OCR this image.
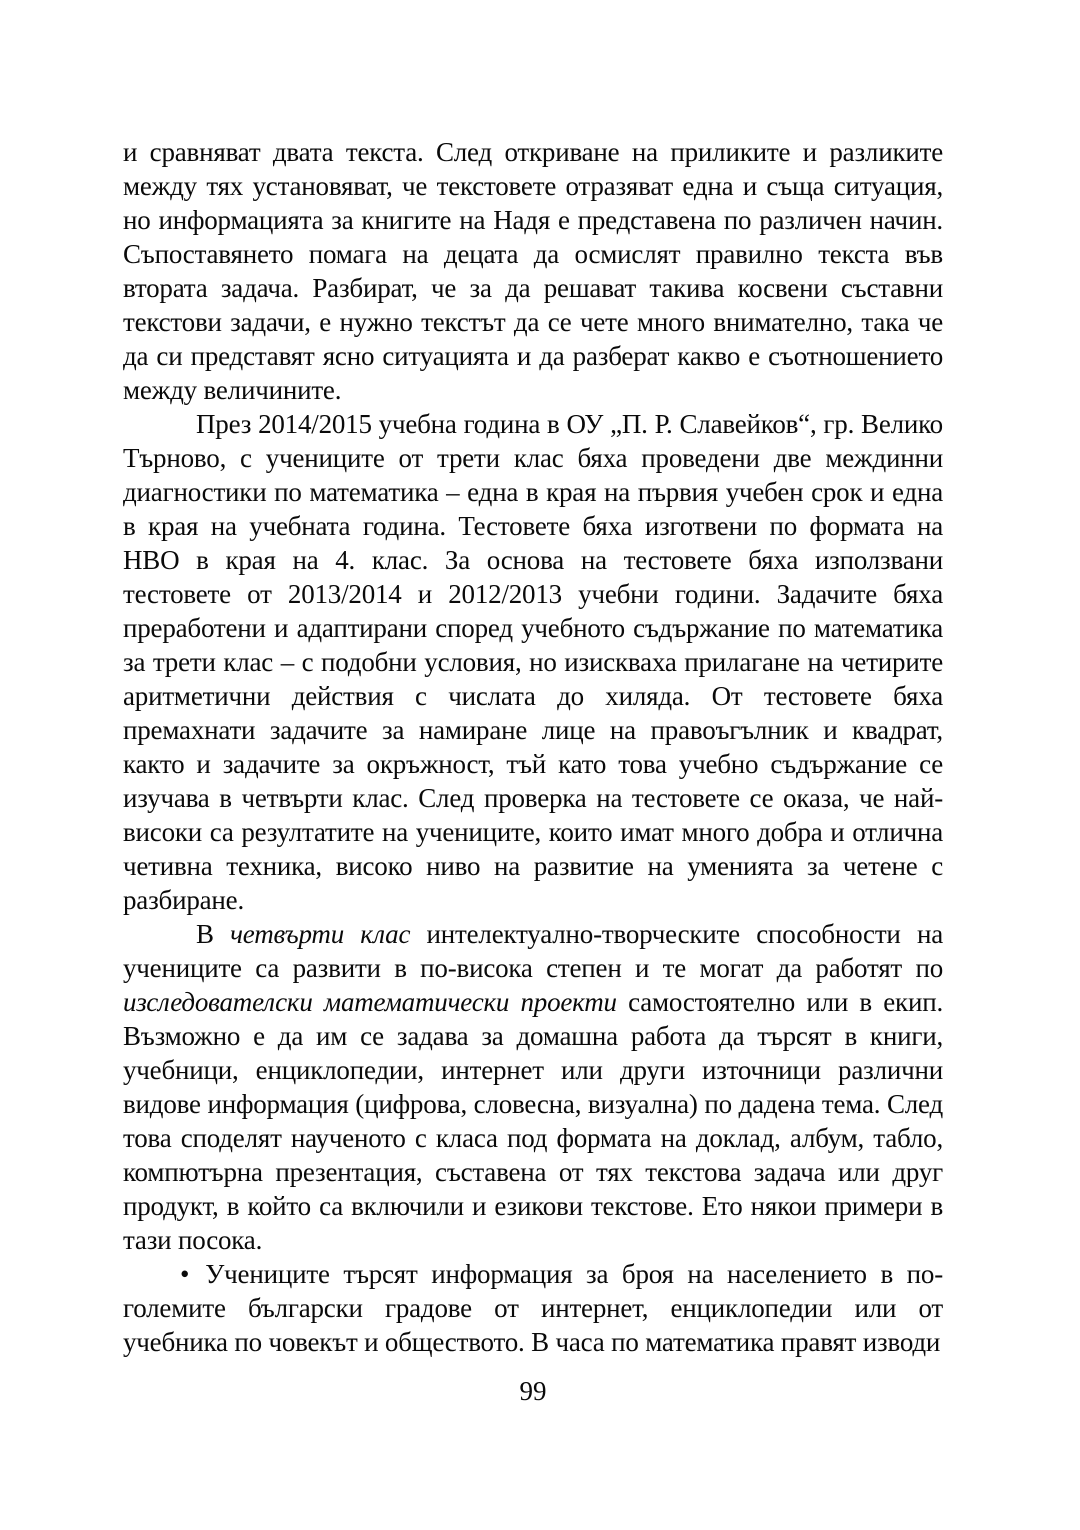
и сравняват двата текста. След откриване на приликите и разликите между тях установяват, че текстовете отразяват една и съща ситуация, но информацията за книгите на Надя е представена по различен начин. Съпоставянето помага на децата да осмислят правилно текста във втората задача. Разбират, че за да решават такива косвени съставни текстови задачи, е нужно текстът да се чете много внимателно, така че да си представят ясно ситуацията и да разберат какво е съотношението между величините.

През 2014/2015 учебна година в ОУ „П. Р. Славейков“, гр. Велико Търново, с учениците от трети клас бяха проведени две междинни диагностики по математика – една в края на първия учебен срок и една в края на учебната година. Тестовете бяха изготвени по формата на НВО в края на 4. клас. За основа на тестовете бяха използвани тестовете от 2013/2014 и 2012/2013 учебни години. Задачите бяха преработени и адаптирани според учебното съдържание по математика за трети клас – с подобни условия, но изискваха прилагане на четирите аритметични действия с числата до хиляда. От тестовете бяха премахнати задачите за намиране лице на правоъгълник и квадрат, както и задачите за окръжност, тъй като това учебно съдържание се изучава в четвърти клас. След проверка на тестовете се оказа, че най-високи са резултатите на учениците, които имат много добра и отлична четивна техника, високо ниво на развитие на уменията за четене с разбиране.

В четвърти клас интелектуално-творческите способности на учениците са развити в по-висока степен и те могат да работят по изследователски математически проекти самостоятелно или в екип. Възможно е да им се задава за домашна работа да търсят в книги, учебници, енциклопедии, интернет или други източници различни видове информация (цифрова, словесна, визуална) по дадена тема. След това споделят наученото с класа под формата на доклад, албум, табло, компютърна презентация, съставена от тях текстова задача или друг продукт, в който са включили и езикови текстове. Ето някои примери в тази посока.

• Учениците търсят информация за броя на населението в по-големите български градове от интернет, енциклопедии или от учебника по човекът и обществото. В часа по математика правят изводи

99
